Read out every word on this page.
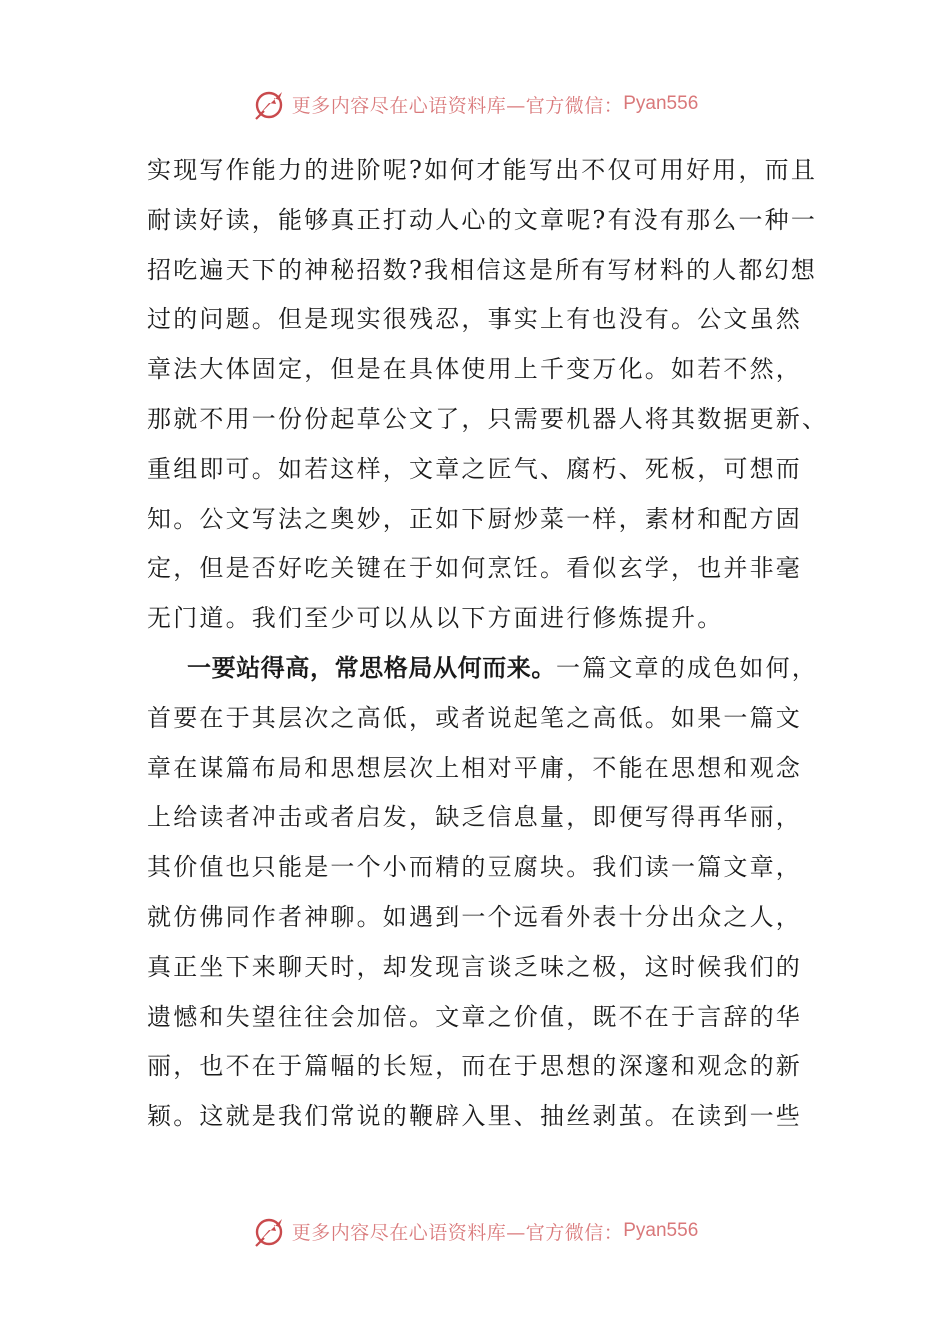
更多内容尽在心语资料库—官方微信： Pyan556
实现写作能力的进阶呢?如何才能写出不仅可用好用，而且
耐读好读，能够真正打动人心的文章呢?有没有那么一种一
招吃遍天下的神秘招数?我相信这是所有写材料的人都幻想
过的问题。但是现实很残忍，事实上有也没有。公文虽然
章法大体固定，但是在具体使用上千变万化。如若不然，
那就不用一份份起草公文了，只需要机器人将其数据更新、
重组即可。如若这样，文章之匠气、腐朽、死板，可想而
知。公文写法之奥妙，正如下厨炒菜一样，素材和配方固
定，但是否好吃关键在于如何烹饪。看似玄学，也并非毫
无门道。我们至少可以从以下方面进行修炼提升。
一要站得高，常思格局从何而来。一篇文章的成色如何，
首要在于其层次之高低，或者说起笔之高低。如果一篇文
章在谋篇布局和思想层次上相对平庸，不能在思想和观念
上给读者冲击或者启发，缺乏信息量，即便写得再华丽，
其价值也只能是一个小而精的豆腐块。我们读一篇文章，
就仿佛同作者神聊。如遇到一个远看外表十分出众之人，
真正坐下来聊天时，却发现言谈乏味之极，这时候我们的
遗憾和失望往往会加倍。文章之价值，既不在于言辞的华
丽，也不在于篇幅的长短，而在于思想的深邃和观念的新
颖。这就是我们常说的鞭辟入里、抽丝剥茧。在读到一些
更多内容尽在心语资料库—官方微信： Pyan556
